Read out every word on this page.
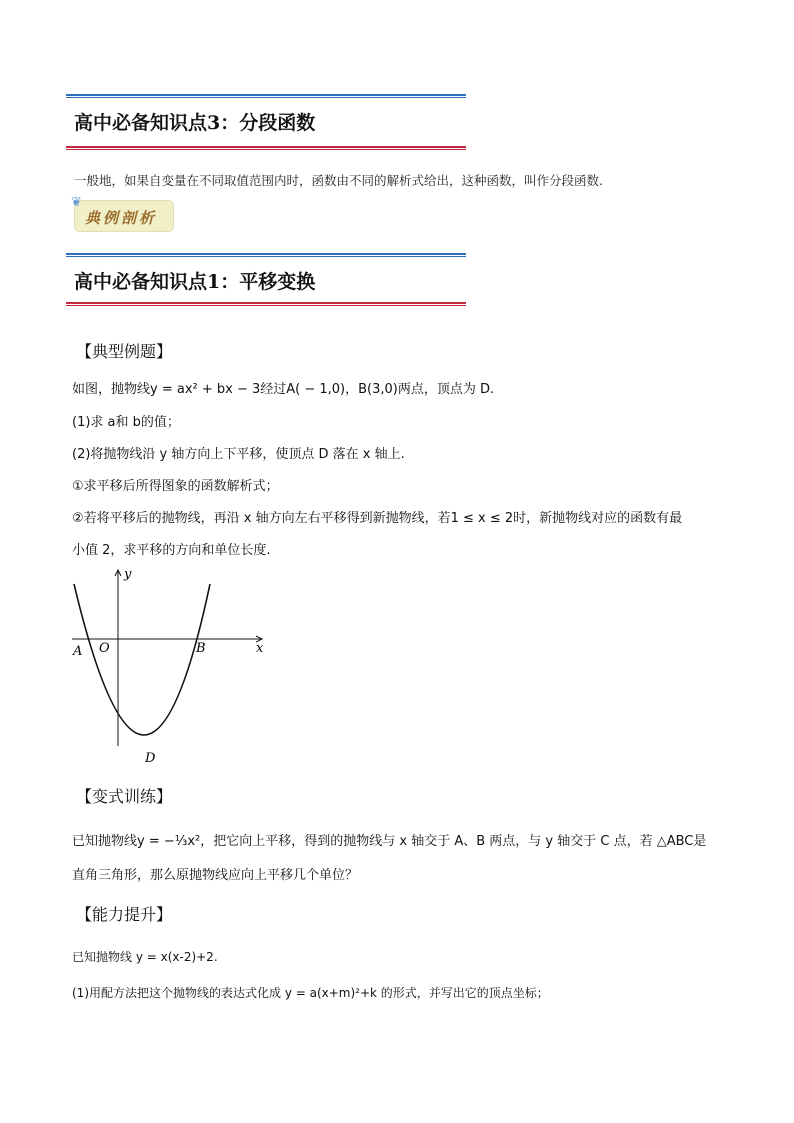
高中必备知识点3：分段函数
一般地，如果自变量在不同取值范围内时，函数由不同的解析式给出，这种函数，叫作分段函数.
❦
典例剖析
高中必备知识点1：平移变换
【典型例题】
如图，抛物线y = ax² + bx − 3经过A( − 1,0)，B(3,0)两点，顶点为 D.
(1)求 a和 b的值；
(2)将抛物线沿 y 轴方向上下平移，使顶点 D 落在 x 轴上.
①求平移后所得图象的函数解析式；
②若将平移后的抛物线，再沿 x 轴方向左右平移得到新抛物线，若1 ≤ x ≤ 2时，新抛物线对应的函数有最
小值 2，求平移的方向和单位长度.
y
x
A O	B
D
【变式训练】
已知抛物线y = −⅓x²，把它向上平移，得到的抛物线与 x 轴交于 A、B 两点，与 y 轴交于 C 点，若 △ABC是
直角三角形，那么原抛物线应向上平移几个单位？
【能力提升】
已知抛物线 y = x(x-2)+2.
(1)用配方法把这个抛物线的表达式化成 y = a(x+m)²+k 的形式，并写出它的顶点坐标；
